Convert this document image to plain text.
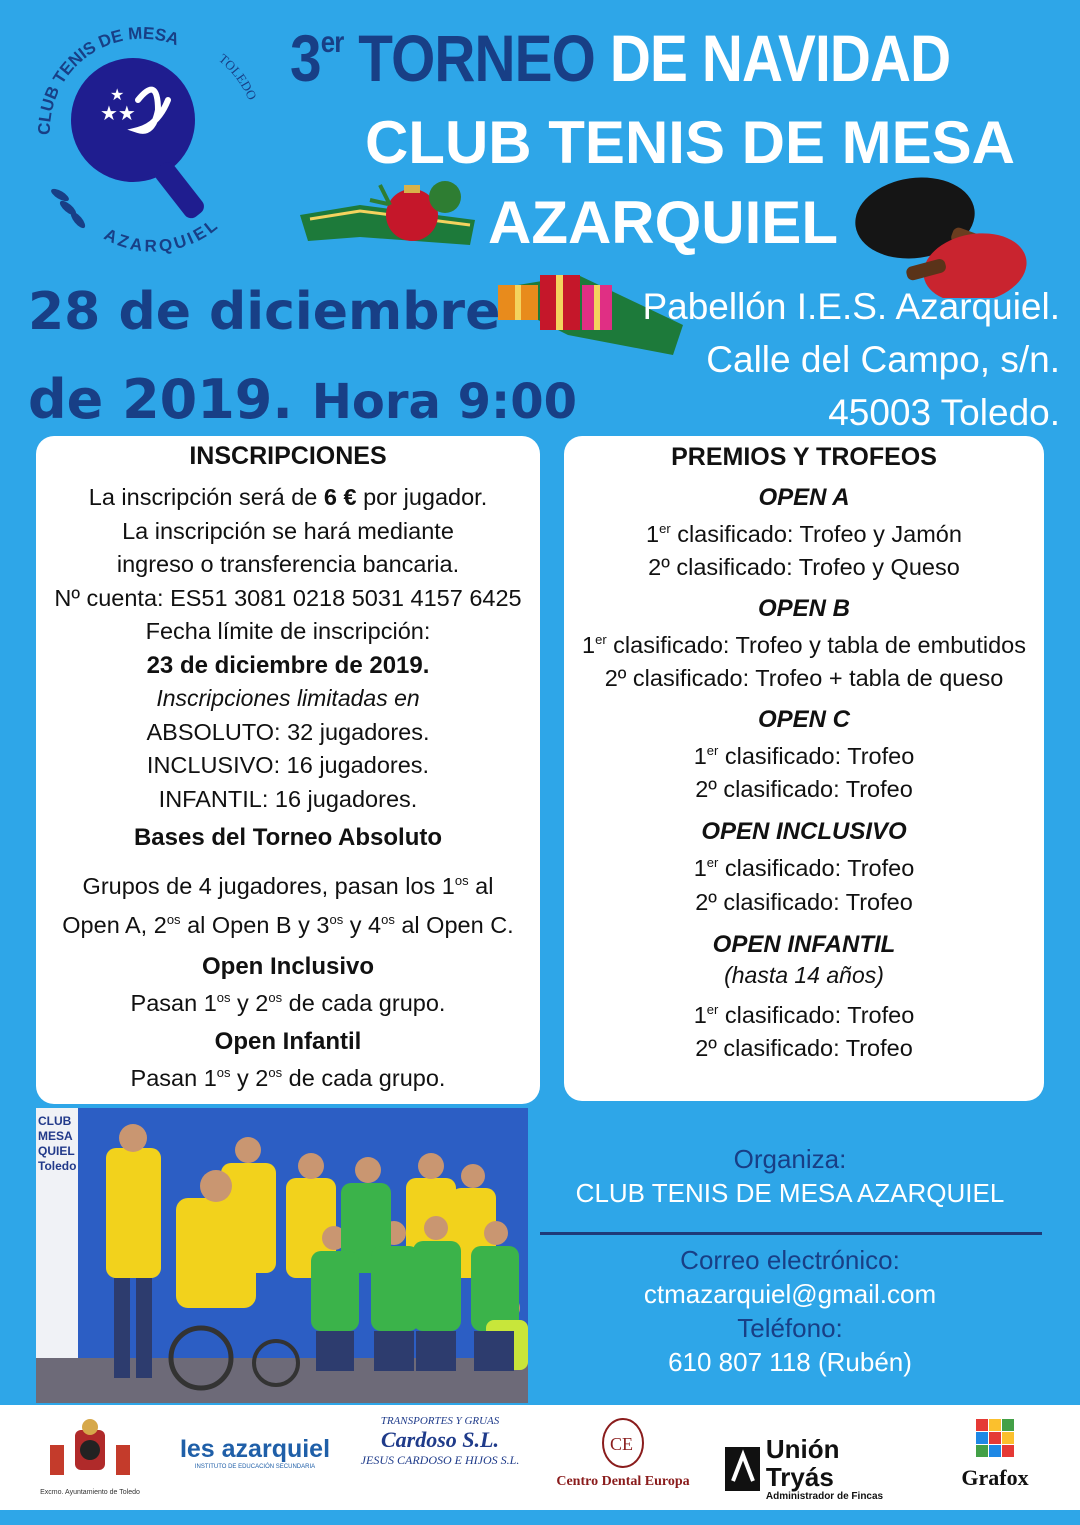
CLUB TENIS DE MESA
TOLEDO
AZARQUIEL
★★
★	3er TORNEO DE NAVIDAD
CLUB TENIS DE MESA
AZARQUIEL
28 de diciembre
de 2019. Hora 9:00
Pabellón I.E.S. Azarquiel.
Calle del Campo, s/n.
45003 Toledo.
INSCRIPCIONES
La inscripción será de 6 € por jugador.
La inscripción se hará mediante
ingreso o transferencia bancaria.
Nº cuenta: ES51 3081 0218 5031 4157 6425
Fecha límite de inscripción:
23 de diciembre de 2019.
Inscripciones limitadas en
ABSOLUTO: 32 jugadores.
INCLUSIVO: 16 jugadores.
INFANTIL: 16 jugadores.
Bases del Torneo Absoluto
Grupos de 4 jugadores, pasan los $1^{os}$ al
Open A, $2^{os}$ al Open B y $3^{os}$ y $4^{os}$ al Open C.
Open Inclusivo
Pasan $1^{os}$ y $2^{os}$ de cada grupo.
Open Infantil
Pasan $1^{os}$ y $2^{os}$ de cada grupo.
PREMIOS Y TROFEOS
OPEN A
1er clasificado: Trofeo y Jamón
2º clasificado: Trofeo y Queso
OPEN B
1er clasificado: Trofeo y tabla de embutidos
2º clasificado: Trofeo + tabla de queso
OPEN C
1er clasificado: Trofeo
2º clasificado: Trofeo
OPEN INCLUSIVO
1er clasificado: Trofeo
2º clasificado: Trofeo
OPEN INFANTIL
(hasta 14 años)
1er clasificado: Trofeo
2º clasificado: Trofeo
CLUB MESA QUIEL Toledo	Organiza:
CLUB TENIS DE MESA AZARQUIEL
Correo electrónico:
ctmazarquiel@gmail.com
Teléfono:
610 807 118 (Rubén)
Excmo. Ayuntamiento de Toledo
Ies azarquiel
INSTITUTO DE EDUCACIÓN SECUNDARIA
TRANSPORTES Y GRUAS
Cardoso S.L.
JESUS CARDOSO E HIJOS S.L.
CE
Centro Dental Europa
Unión Tryás
Administrador de Fincas
Grafox
